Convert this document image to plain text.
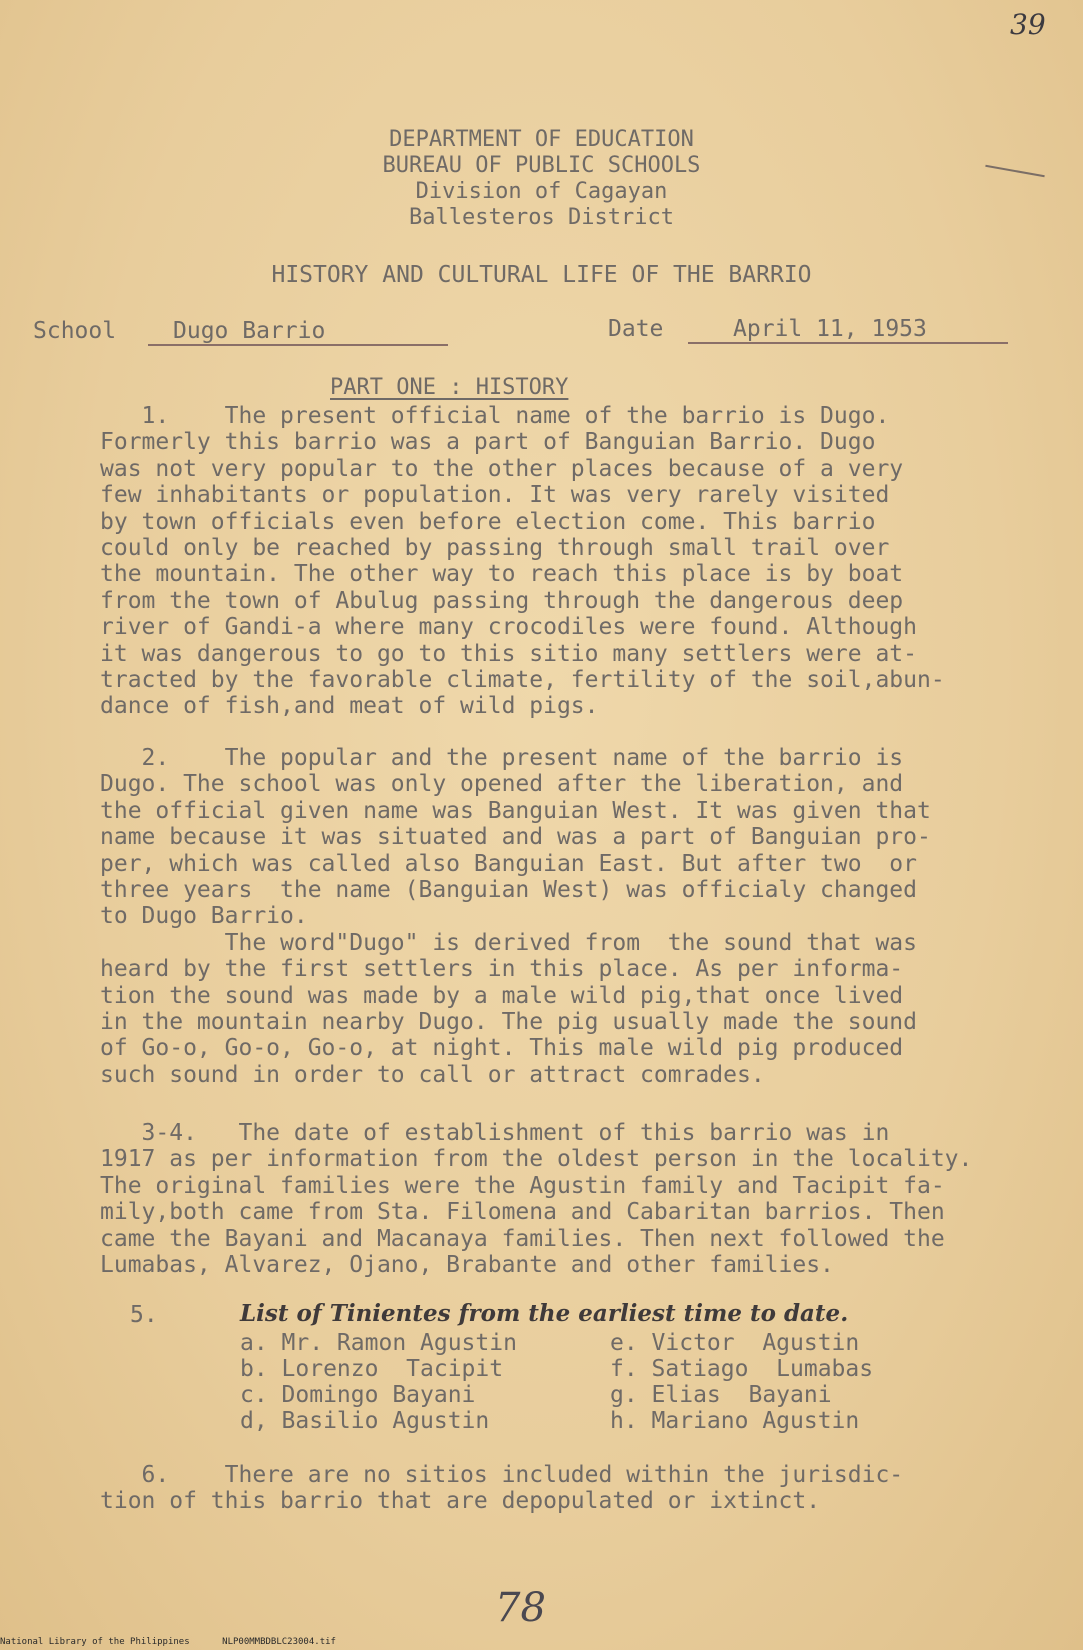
39
DEPARTMENT OF EDUCATION
BUREAU OF PUBLIC SCHOOLS
Division of Cagayan
Ballesteros District
HISTORY AND CULTURAL LIFE OF THE BARRIO
School	Dugo Barrio	Date	April 11, 1953
PART ONE : HISTORY
1.    The present official name of the barrio is Dugo.
Formerly this barrio was a part of Banguian Barrio. Dugo
was not very popular to the other places because of a very
few inhabitants or population. It was very rarely visited
by town officials even before election come. This barrio
could only be reached by passing through small trail over
the mountain. The other way to reach this place is by boat
from the town of Abulug passing through the dangerous deep
river of Gandi-a where many crocodiles were found. Although
it was dangerous to go to this sitio many settlers were at-
tracted by the favorable climate, fertility of the soil,abun-
dance of fish,and meat of wild pigs.
2.    The popular and the present name of the barrio is
Dugo. The school was only opened after the liberation, and
the official given name was Banguian West. It was given that
name because it was situated and was a part of Banguian pro-
per, which was called also Banguian East. But after two  or
three years  the name (Banguian West) was officialy changed
to Dugo Barrio.
The word"Dugo" is derived from  the sound that was
heard by the first settlers in this place. As per informa-
tion the sound was made by a male wild pig,that once lived
in the mountain nearby Dugo. The pig usually made the sound
of Go-o, Go-o, Go-o, at night. This male wild pig produced
such sound in order to call or attract comrades.
3-4.   The date of establishment of this barrio was in
1917 as per information from the oldest person in the locality.
The original families were the Agustin family and Tacipit fa-
mily,both came from Sta. Filomena and Cabaritan barrios. Then
came the Bayani and Macanaya families. Then next followed the
Lumabas, Alvarez, Ojano, Brabante and other families.
5.	List of Tinientes from the earliest time to date.
a. Mr. Ramon Agustin
b. Lorenzo  Tacipit
c. Domingo Bayani
d, Basilio Agustin
e. Victor  Agustin
f. Satiago  Lumabas
g. Elias  Bayani
h. Mariano Agustin
6.    There are no sitios included within the jurisdic-
tion of this barrio that are depopulated or ixtinct.
78
National Library of the Philippines      NLP00MMBDBLC23004.tif
